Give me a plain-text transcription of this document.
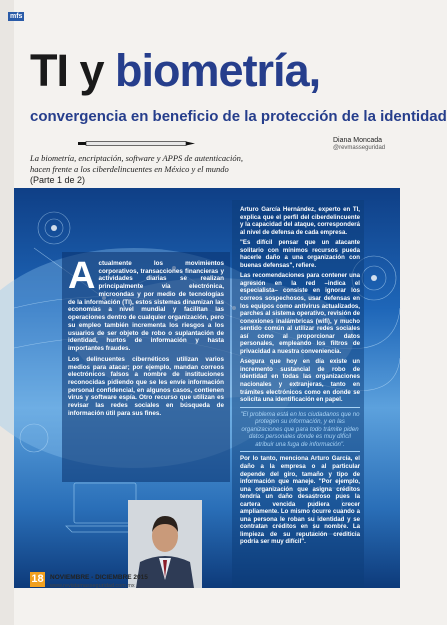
mfs
TI y biometría,
convergencia en beneficio de la protección de la identidad
Diana Moncada
@revmasseguridad
La biometría, encriptación, software y APPS de autenticación, hacen frente a los ciberdelincuentes en México y el mundo
(Parte 1 de 2)
A ctualmente los movimientos corporativos, transacciones financieras y actividades diarias se realizan principalmente vía electrónica, microondas y por medio de tecnologías de la información (TI), estos sistemas dinamizan las economías a nivel mundial y facilitan las operaciones dentro de cualquier organización, pero su empleo también incrementa los riesgos a los usuarios de ser objeto de robo o suplantación de identidad, hurtos de información y hasta importantes fraudes.

Los delincuentes cibernéticos utilizan varios medios para atacar; por ejemplo, mandan correos electrónicos falsos a nombre de instituciones reconocidas pidiendo que se les envíe información personal confidencial, en algunos casos, contienen virus y software espía. Otro recurso que utilizan es revisar las redes sociales en búsqueda de información útil para sus fines.

Arturo García Hernández, experto en TI, explica que el perfil del ciberdelincuente y la capacidad del ataque, corresponderá al nivel de defensa de cada empresa.

"Es difícil pensar que un atacante solitario con mínimos recursos pueda hacerle daño a una organización con buenas defensas", refiere.

Las recomendaciones para contener una agresión en la red –indica el especialista– consiste en ignorar los correos sospechosos, usar defensas en los equipos como antivirus actualizados, parches al sistema operativo, revisión de conexiones inalámbricas (wifi), y mucho sentido común al utilizar redes sociales así como al proporcionar datos personales, empleando los filtros de privacidad a nuestra conveniencia.

Asegura que hoy en día existe un incremento sustancial de robo de identidad en todas las organizaciones nacionales y extranjeras, tanto en trámites electrónicos como en donde se solicita una identificación en papel.

"El problema está en los ciudadanos que no protegen su información, y en las organizaciones que para todo trámite piden datos personales donde es muy difícil atribuir una fuga de información".

Por lo tanto, menciona Arturo García, el daño a la empresa o al particular depende del giro, tamaño y tipo de información que maneje. "Por ejemplo, una organización que asigna créditos tendría un daño desastroso pues la cartera vencida pudiera crecer ampliamente. Lo mismo ocurre cuando a una persona le roban su identidad y se contratan créditos en su nombre. La limpieza de su reputación crediticia podría ser muy difícil".

18 NOVIEMBRE - DICIEMBRE 2015
www.revistamasseguridad.com.mx
